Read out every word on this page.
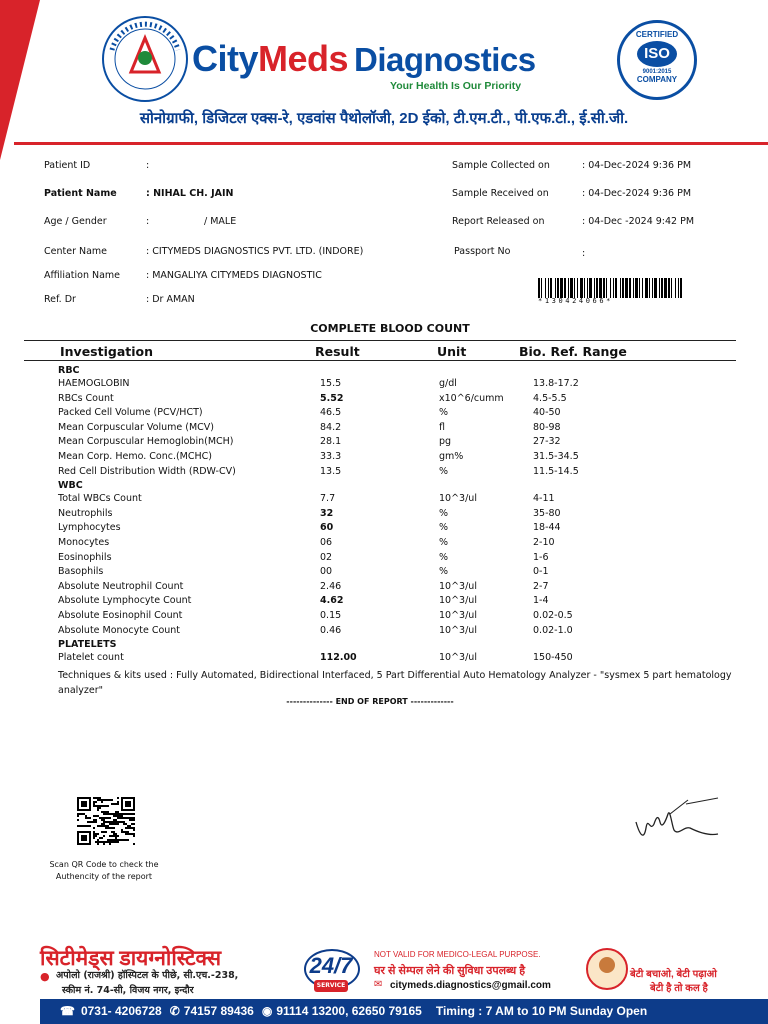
CityMeds Diagnostics
Your Health Is Our Priority
CERTIFIED
ISO
9001:2015
COMPANY
सोनोग्राफी, डिजिटल एक्स-रे, एडवांस पैथोलॉजी, 2D ईको, टी.एम.टी., पी.एफ.टी., ई.सी.जी.
Patient ID	:
Patient Name	: NIHAL CH. JAIN
Age / Gender	:	/ MALE
Center Name	: CITYMEDS DIAGNOSTICS PVT. LTD. (INDORE)
Affiliation Name	: MANGALIYA CITYMEDS DIAGNOSTIC
Ref. Dr	: Dr AMAN
Sample Collected on	: 04-Dec-2024 9:36 PM
Sample Received on	: 04-Dec-2024 9:36 PM
Report Released on	: 04-Dec -2024 9:42 PM
Passport No	:
*130424066*
COMPLETE BLOOD COUNT
Investigation	Result	Unit	Bio. Ref. Range
RBC
HAEMOGLOBIN	15.5	g/dl	13.8-17.2
RBCs Count	5.52	x10^6/cumm	4.5-5.5
Packed Cell Volume (PCV/HCT)	46.5	%	40-50
Mean Corpuscular Volume (MCV)	84.2	fl	80-98
Mean Corpuscular Hemoglobin(MCH)	28.1	pg	27-32
Mean Corp. Hemo. Conc.(MCHC)	33.3	gm%	31.5-34.5
Red Cell Distribution Width (RDW-CV)	13.5	%	11.5-14.5
WBC
Total WBCs Count	7.7	10^3/ul	4-11
Neutrophils	32	%	35-80
Lymphocytes	60	%	18-44
Monocytes	06	%	2-10
Eosinophils	02	%	1-6
Basophils	00	%	0-1
Absolute Neutrophil Count	2.46	10^3/ul	2-7
Absolute Lymphocyte Count	4.62	10^3/ul	1-4
Absolute Eosinophil Count	0.15	10^3/ul	0.02-0.5
Absolute Monocyte Count	0.46	10^3/ul	0.02-1.0
PLATELETS
Platelet count	112.00	10^3/ul	150-450
Techniques & kits used : Fully Automated, Bidirectional Interfaced, 5 Part Differential Auto Hematology Analyzer - "sysmex 5 part hematology analyzer"
-------------- END OF REPORT -------------
Scan QR Code to check the
Authencity of the report
सिटीमेड्स डायग्नोस्टिक्स
● अपोलो (राजश्री) हॉस्पिटल के पीछे, सी.एच.-238,
स्कीम नं. 74-सी, विजय नगर, इन्दौर
24/7
SERVICE
NOT VALID FOR MEDICO-LEGAL PURPOSE.
घर से सेम्पल लेने की सुविधा उपलब्ध है
✉ citymeds.diagnostics@gmail.com
बेटी बचाओ, बेटी पढ़ाओ
बेटी है तो कल है
☎ 0731- 4206728 ✆ 74157 89436 ◉ 91114 13200, 62650 79165 Timing : 7 AM to 10 PM Sunday Open
